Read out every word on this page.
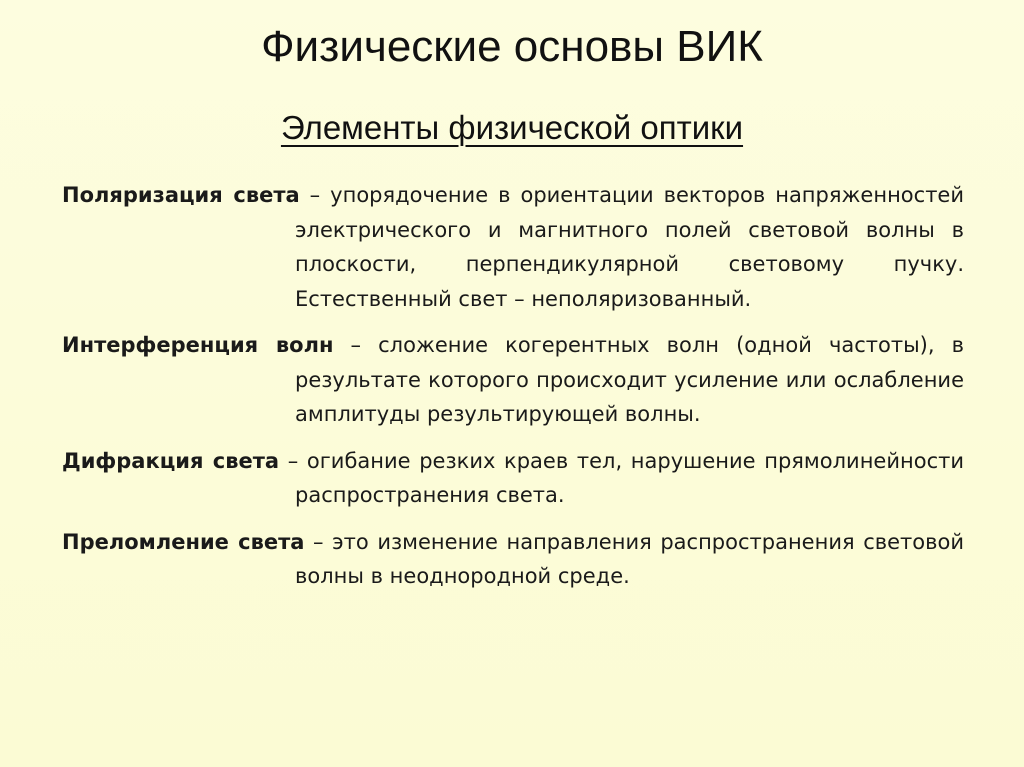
Физические основы ВИК
Элементы физической оптики

Поляризация света – упорядочение в ориентации векторов напряженностей электрического и магнитного полей световой волны в плоскости, перпендикулярной световому пучку. Естественный свет – неполяризованный.

Интерференция волн – сложение когерентных волн (одной частоты), в результате которого происходит усиление или ослабление амплитуды результирующей волны.

Дифракция света – огибание резких краев тел, нарушение прямолинейности распространения света.

Преломление света – это изменение направления распространения световой волны в неоднородной среде.
